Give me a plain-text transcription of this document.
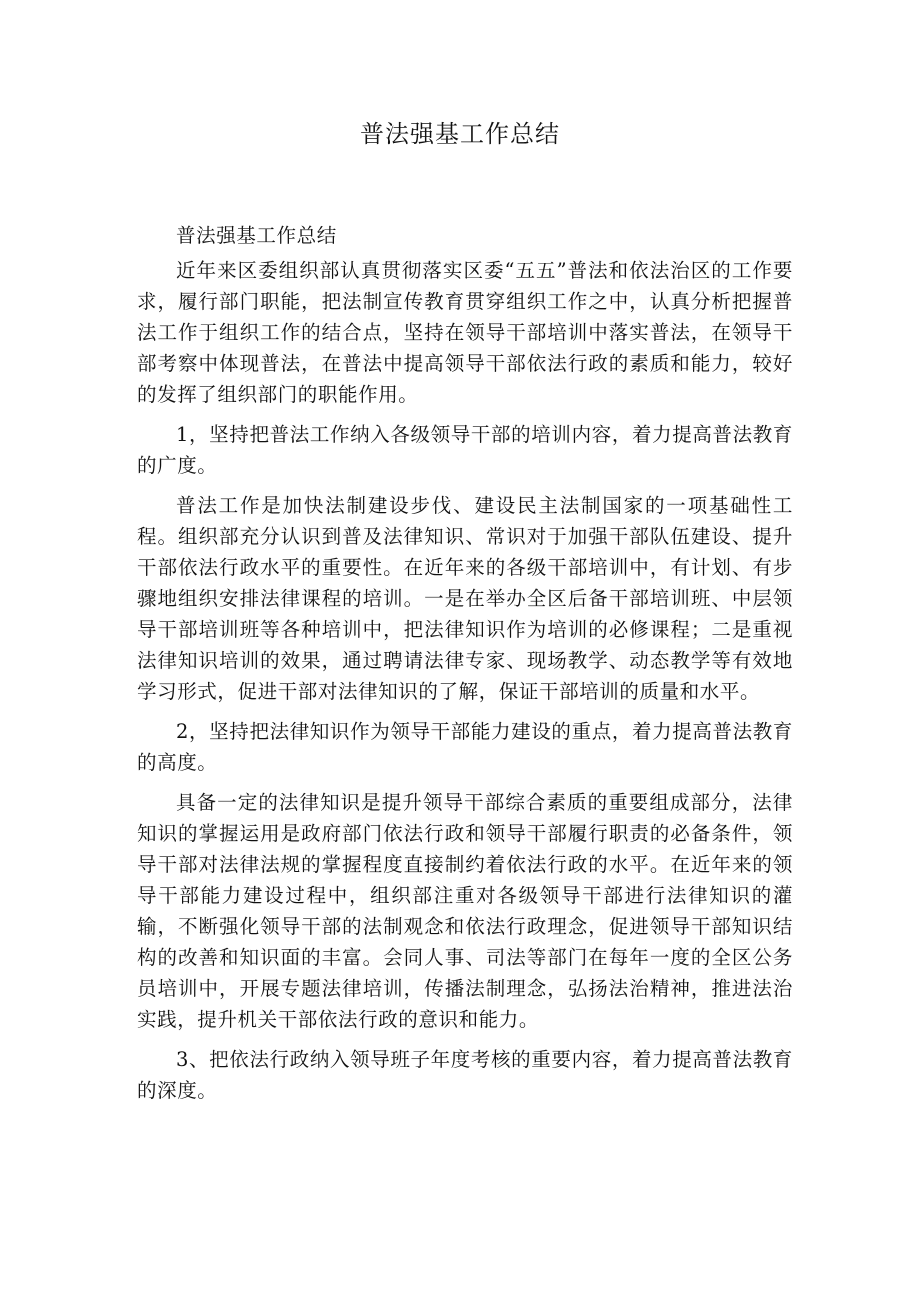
普法强基工作总结

普法强基工作总结

近年来区委组织部认真贯彻落实区委“五五”普法和依法治区的工作要求，履行部门职能，把法制宣传教育贯穿组织工作之中，认真分析把握普法工作于组织工作的结合点，坚持在领导干部培训中落实普法，在领导干部考察中体现普法，在普法中提高领导干部依法行政的素质和能力，较好的发挥了组织部门的职能作用。

1，坚持把普法工作纳入各级领导干部的培训内容，着力提高普法教育的广度。

普法工作是加快法制建设步伐、建设民主法制国家的一项基础性工程。组织部充分认识到普及法律知识、常识对于加强干部队伍建设、提升干部依法行政水平的重要性。在近年来的各级干部培训中，有计划、有步骤地组织安排法律课程的培训。一是在举办全区后备干部培训班、中层领导干部培训班等各种培训中，把法律知识作为培训的必修课程；二是重视法律知识培训的效果，通过聘请法律专家、现场教学、动态教学等有效地学习形式，促进干部对法律知识的了解，保证干部培训的质量和水平。

2，坚持把法律知识作为领导干部能力建设的重点，着力提高普法教育的高度。

具备一定的法律知识是提升领导干部综合素质的重要组成部分，法律知识的掌握运用是政府部门依法行政和领导干部履行职责的必备条件，领导干部对法律法规的掌握程度直接制约着依法行政的水平。在近年来的领导干部能力建设过程中，组织部注重对各级领导干部进行法律知识的灌输，不断强化领导干部的法制观念和依法行政理念，促进领导干部知识结构的改善和知识面的丰富。会同人事、司法等部门在每年一度的全区公务员培训中，开展专题法律培训，传播法制理念，弘扬法治精神，推进法治实践，提升机关干部依法行政的意识和能力。

3、把依法行政纳入领导班子年度考核的重要内容，着力提高普法教育的深度。
